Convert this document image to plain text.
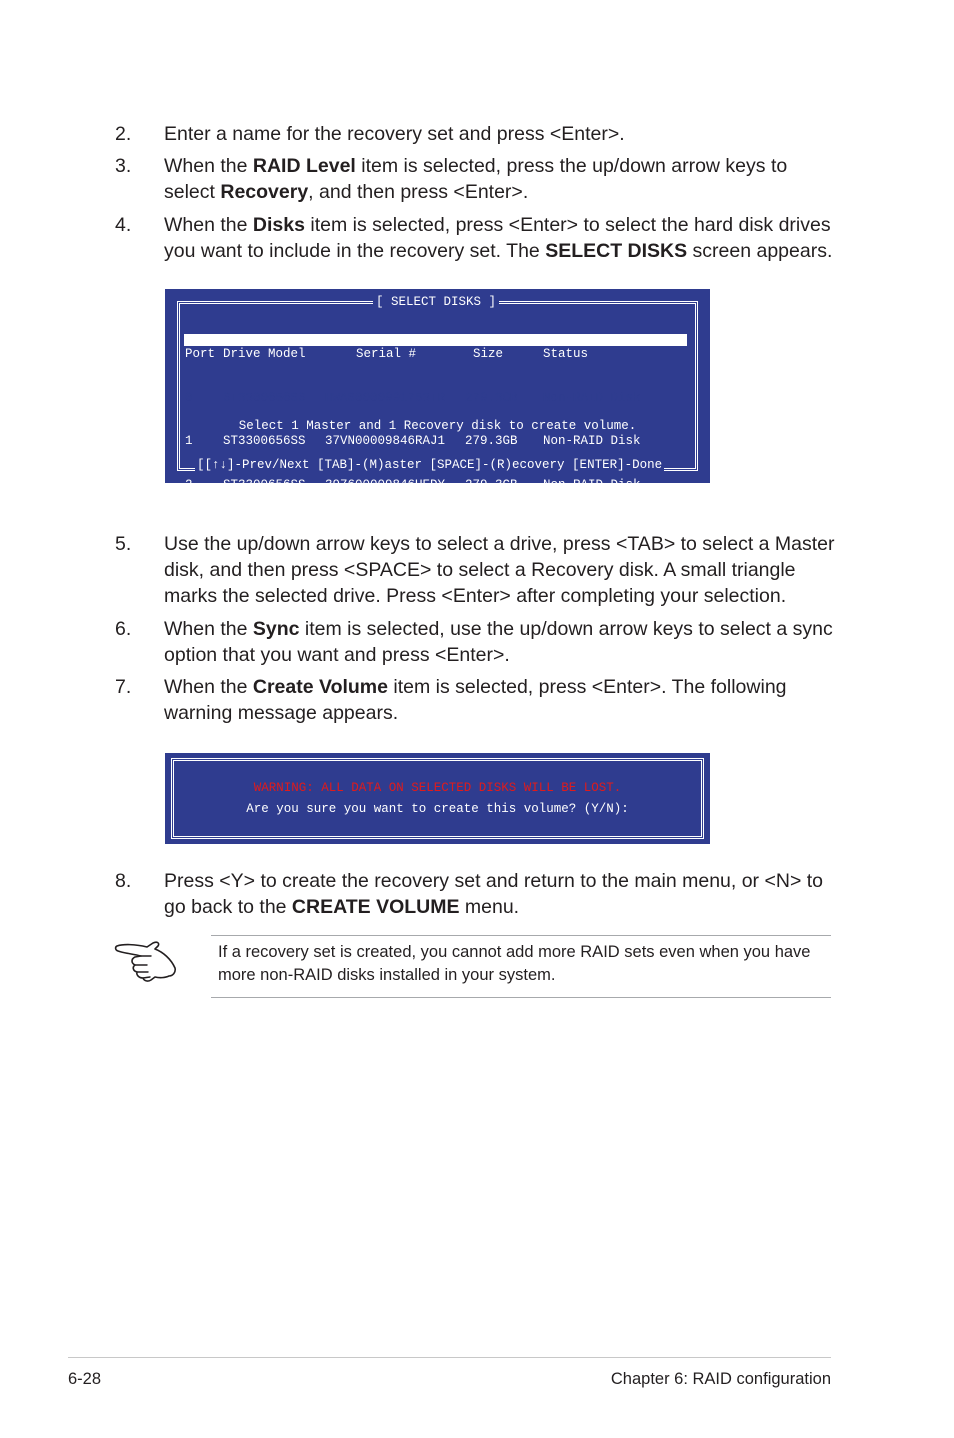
2. Enter a name for the recovery set and press <Enter>.
3. When the RAID Level item is selected, press the up/down arrow keys to select Recovery, and then press <Enter>.
4. When the Disks item is selected, press <Enter> to select the hard disk drives you want to include in the recovery set. The SELECT DISKS screen appears.
[ SELECT DISKS ]

Port

0

1

2

3

Drive Model

ST3300656SS

ST3300656SS

ST3300656SS

ST3300656SS

Serial #

HWAS0000991753TR

37VN00009846RAJ1

397600009846UEDY

GWC50000991756G6

Size

279.3GB

279.3GB

279.3GB

279.3GB

Status

Non-RAID Disk

Non-RAID Disk

Non-RAID Disk

Non-RAID Disk

Select 1 Master and 1 Recovery disk to create volume.
[[↑↓]-Prev/Next [TAB]-(M)aster [SPACE]-(R)ecovery [ENTER]-Done
5. Use the up/down arrow keys to select a drive, press <TAB> to select a Master disk, and then press <SPACE> to select a Recovery disk. A small triangle marks the selected drive. Press <Enter> after completing your selection.
6. When the Sync item is selected, use the up/down arrow keys to select a sync option that you want and press <Enter>.
7. When the Create Volume item is selected, press <Enter>. The following warning message appears.
WARNING: ALL DATA ON SELECTED DISKS WILL BE LOST.
Are you sure you want to create this volume? (Y/N):
8. Press <Y> to create the recovery set and return to the main menu, or <N> to go back to the CREATE VOLUME menu.
If a recovery set is created, you cannot add more RAID sets even when you have more non-RAID disks installed in your system.
6-28	Chapter 6: RAID configuration
